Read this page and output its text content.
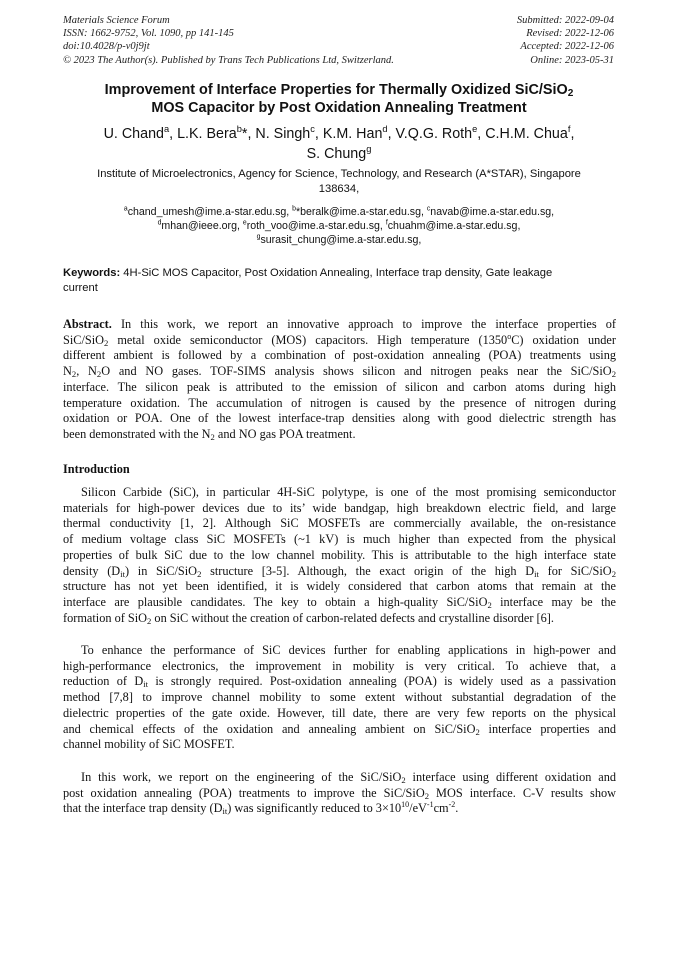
Materials Science Forum
ISSN: 1662-9752, Vol. 1090, pp 141-145
doi:10.4028/p-v0j9jt
© 2023 The Author(s). Published by Trans Tech Publications Ltd, Switzerland.
Submitted: 2022-09-04
Revised: 2022-12-06
Accepted: 2022-12-06
Online: 2023-05-31
Improvement of Interface Properties for Thermally Oxidized SiC/SiO$_2$
MOS Capacitor by Post Oxidation Annealing Treatment
U. Chand$^a$, L.K. Bera$^b$*, N. Singh$^c$, K.M. Han$^d$, V.Q.G. Roth$^e$, C.H.M. Chua$^f$,
S. Chung$^g$
Institute of Microelectronics, Agency for Science, Technology, and Research (A*STAR), Singapore
138634,
$^a$chand_umesh@ime.a-star.edu.sg, $^b$*beralk@ime.a-star.edu.sg, $^c$navab@ime.a-star.edu.sg,
$^d$mhan@ieee.org, $^e$roth_voo@ime.a-star.edu.sg, $^f$chuahm@ime.a-star.edu.sg,
$^g$surasit_chung@ime.a-star.edu.sg,
Keywords: 4H-SiC MOS Capacitor, Post Oxidation Annealing, Interface trap density, Gate leakage
current
Abstract. In this work, we report an innovative approach to improve the interface properties of
SiC/SiO$_2$ metal oxide semiconductor (MOS) capacitors. High temperature (1350$^o$C) oxidation under
different ambient is followed by a combination of post-oxidation annealing (POA) treatments using
$N_2$, $N_2O$ and NO gases. TOF-SIMS analysis shows silicon and nitrogen peaks near the SiC/SiO$_2$
interface. The silicon peak is attributed to the emission of silicon and carbon atoms during high
temperature oxidation. The accumulation of nitrogen is caused by the presence of nitrogen during
oxidation or POA. One of the lowest interface-trap densities along with good dielectric strength has
been demonstrated with the $N_2$ and NO gas POA treatment.
Introduction
Silicon Carbide (SiC), in particular 4H-SiC polytype, is one of the most promising semiconductor
materials for high-power devices due to its’ wide bandgap, high breakdown electric field, and large
thermal conductivity [1, 2]. Although SiC MOSFETs are commercially available, the on-resistance
of medium voltage class SiC MOSFETs (~1 kV) is much higher than expected from the physical
properties of bulk SiC due to the low channel mobility. This is attributable to the high interface state
density $(D_{it})$ in SiC/SiO$_2$ structure [3-5]. Although, the exact origin of the high $D_{it}$ for SiC/SiO$_2$
structure has not yet been identified, it is widely considered that carbon atoms that remain at the
interface are plausible candidates. The key to obtain a high-quality SiC/SiO$_2$ interface may be the
formation of SiO$_2$ on SiC without the creation of carbon-related defects and crystalline disorder [6].
To enhance the performance of SiC devices further for enabling applications in high-power and
high-performance electronics, the improvement in mobility is very critical. To achieve that, a
reduction of $D_{it}$ is strongly required. Post-oxidation annealing (POA) is widely used as a passivation
method [7,8] to improve channel mobility to some extent without substantial degradation of the
dielectric properties of the gate oxide. However, till date, there are very few reports on the physical
and chemical effects of the oxidation and annealing ambient on SiC/SiO$_2$ interface properties and
channel mobility of SiC MOSFET.
In this work, we report on the engineering of the SiC/SiO$_2$ interface using different oxidation and
post oxidation annealing (POA) treatments to improve the SiC/SiO$_2$ MOS interface. C-V results show
that the interface trap density $(D_{it})$ was significantly reduced to $3\times 10^{10}/eV^{-1}cm^{-2}$.
